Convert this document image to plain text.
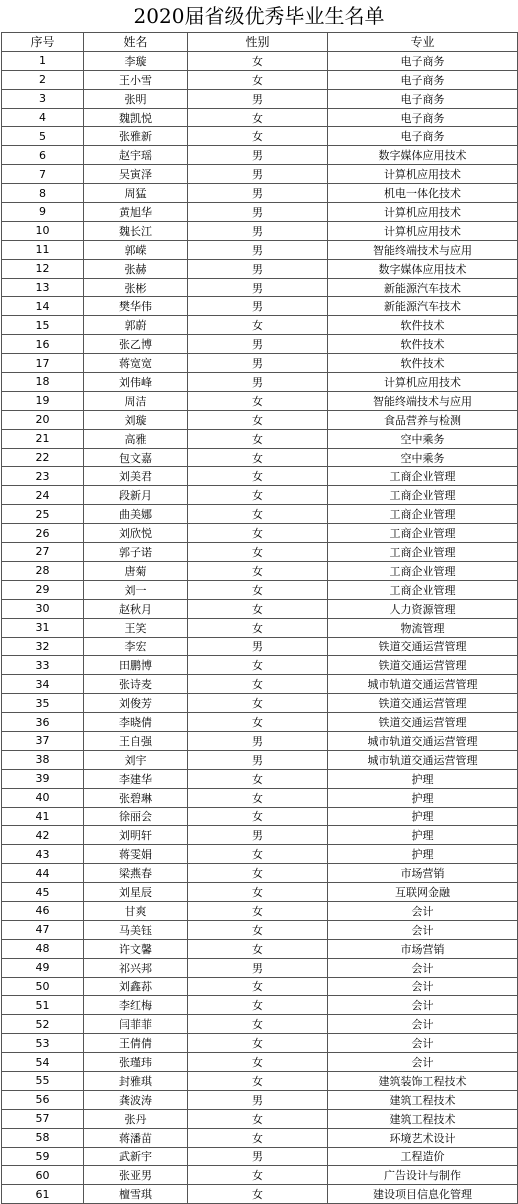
2020届省级优秀毕业生名单
序号	姓名	性别	专业
1	李璇	女	电子商务
2	王小雪	女	电子商务
3	张明	男	电子商务
4	魏凯悦	女	电子商务
5	张雅新	女	电子商务
6	赵宇瑶	男	数字媒体应用技术
7	吴寅泽	男	计算机应用技术
8	周猛	男	机电一体化技术
9	黄旭华	男	计算机应用技术
10	魏长江	男	计算机应用技术
11	郭嵘	男	智能终端技术与应用
12	张赫	男	数字媒体应用技术
13	张彬	男	新能源汽车技术
14	樊华伟	男	新能源汽车技术
15	郭蔚	女	软件技术
16	张乙博	男	软件技术
17	蒋宽宽	男	软件技术
18	刘伟峰	男	计算机应用技术
19	周洁	女	智能终端技术与应用
20	刘璇	女	食品营养与检测
21	高雅	女	空中乘务
22	包文嘉	女	空中乘务
23	刘美君	女	工商企业管理
24	段新月	女	工商企业管理
25	曲美娜	女	工商企业管理
26	刘欣悦	女	工商企业管理
27	郭子诺	女	工商企业管理
28	唐菊	女	工商企业管理
29	刘一	女	工商企业管理
30	赵秋月	女	人力资源管理
31	王笑	女	物流管理
32	李宏	男	铁道交通运营管理
33	田鹏博	女	铁道交通运营管理
34	张诗麦	女	城市轨道交通运营管理
35	刘俊芳	女	铁道交通运营管理
36	李晓倩	女	铁道交通运营管理
37	王自强	男	城市轨道交通运营管理
38	刘宇	男	城市轨道交通运营管理
39	李建华	女	护理
40	张碧琳	女	护理
41	徐丽会	女	护理
42	刘明轩	男	护理
43	蒋雯娟	女	护理
44	梁燕春	女	市场营销
45	刘星辰	女	互联网金融
46	甘爽	女	会计
47	马美钰	女	会计
48	许文馨	女	市场营销
49	祁兴邦	男	会计
50	刘鑫荪	女	会计
51	李红梅	女	会计
52	闫菲菲	女	会计
53	王倩倩	女	会计
54	张瑾玮	女	会计
55	封雅琪	女	建筑装饰工程技术
56	龚波涛	男	建筑工程技术
57	张丹	女	建筑工程技术
58	蒋潘苗	女	环境艺术设计
59	武新宇	男	工程造价
60	张亚男	女	广告设计与制作
61	檀雪琪	女	建设项目信息化管理
